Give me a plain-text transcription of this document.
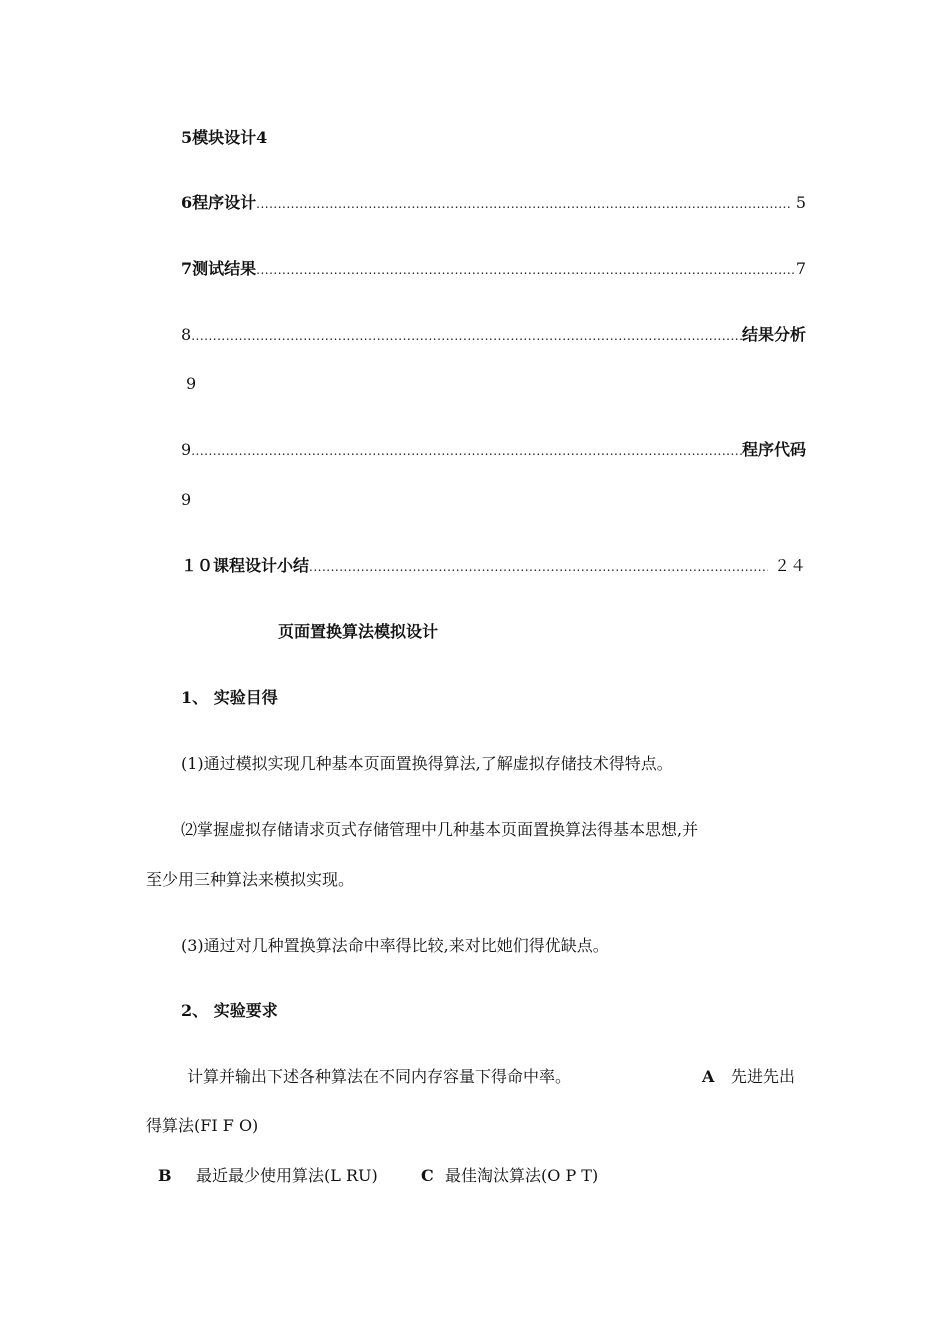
5模块设计4
6程序设计 .....	5
7测试结果 .....	7
8 .....	结果分析
9
9 .....	程序代码
9
１０课程设计小结 .....	２４
页面置换算法模拟设计
1、 实验目得
(1)通过模拟实现几种基本页面置换得算法,了解虚拟存储技术得特点。
⑵掌握虚拟存储请求页式存储管理中几种基本页面置换算法得基本思想,并
至少用三种算法来模拟实现。
(3)通过对几种置换算法命中率得比较,来对比她们得优缺点。
2、 实验要求
计算并输出下述各种算法在不同内存容量下得命中率。	A 先进先出
得算法(FI F O)
B 最近最少使用算法(L RU)	C 最佳淘汰算法(O P T)
